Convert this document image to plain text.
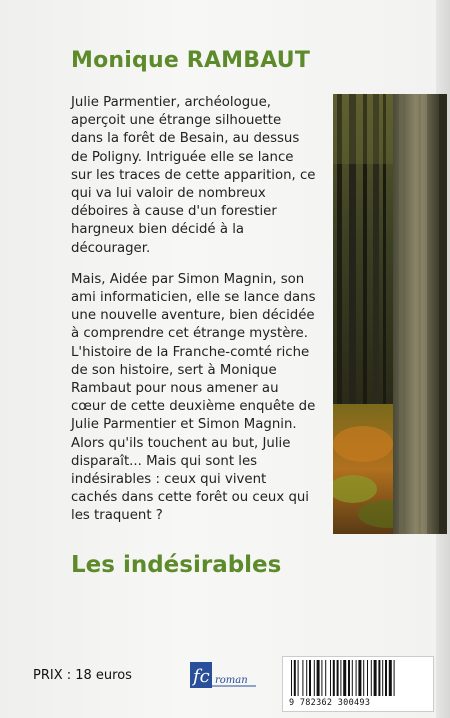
Monique RAMBAUT

Julie Parmentier, archéologue, aperçoit une étrange silhouette dans la forêt de Besain, au dessus de Poligny. Intriguée elle se lance sur les traces de cette apparition, ce qui va lui valoir de nombreux déboires à cause d'un forestier hargneux bien décidé à la décourager.

Mais, Aidée par Simon Magnin, son ami informaticien, elle se lance dans une nouvelle aventure, bien décidée à comprendre cet étrange mystère. L'histoire de la Franche-comté riche de son histoire, sert à Monique Rambaut pour nous amener au cœur de cette deuxième enquête de Julie Parmentier et Simon Magnin. Alors qu'ils touchent au but, Julie disparaît... Mais qui sont les indésirables : ceux qui vivent cachés dans cette forêt ou ceux qui les traquent ?

Les indésirables
PRIX : 18 euros	fc roman
9 782362 300493
